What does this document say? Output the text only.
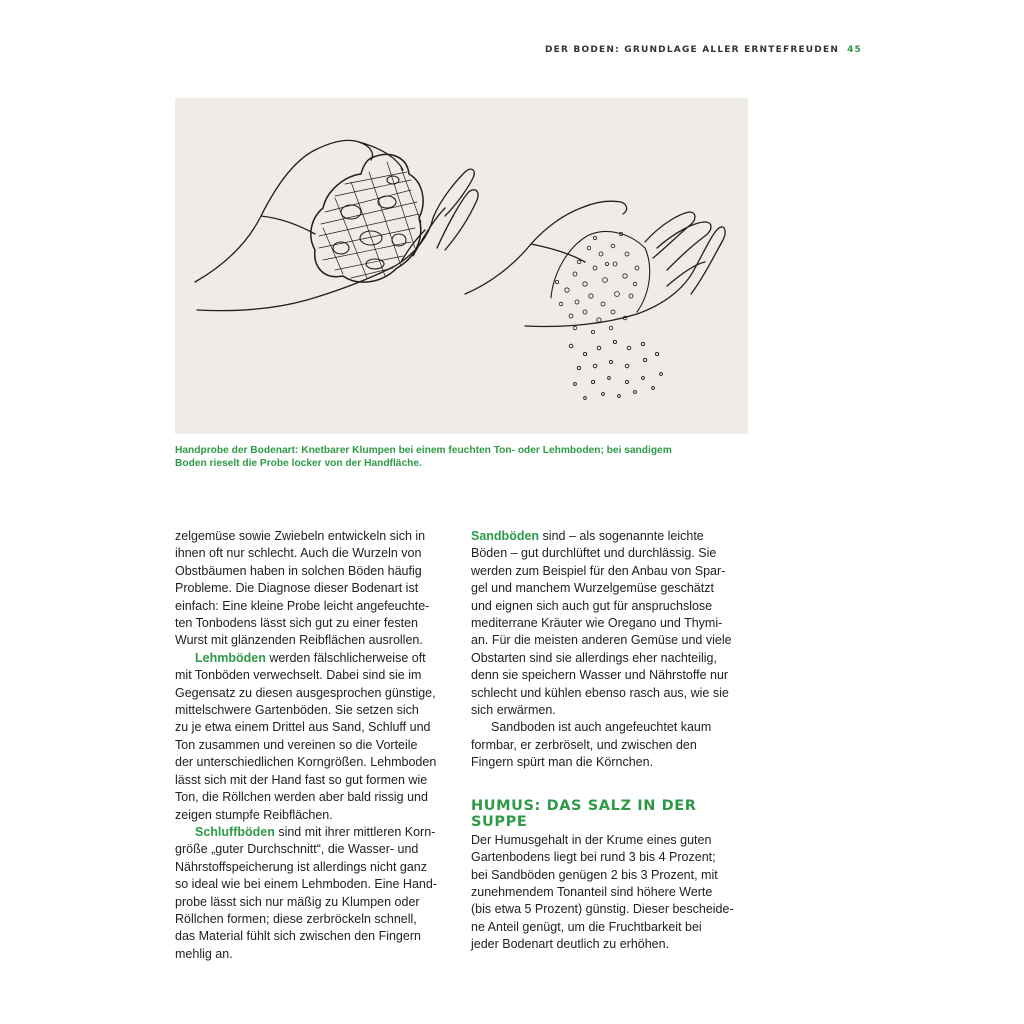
DER BODEN: GRUNDLAGE ALLER ERNTEFREUDEN 45
Handprobe der Bodenart: Knetbarer Klumpen bei einem feuchten Ton- oder Lehmboden; bei sandigem
Boden rieselt die Probe locker von der Handfläche.

zelgemüse sowie Zwiebeln entwickeln sich in
ihnen oft nur schlecht. Auch die Wurzeln von
Obstbäumen haben in solchen Böden häufig
Probleme. Die Diagnose dieser Bodenart ist
einfach: Eine kleine Probe leicht angefeuchte-
ten Tonbodens lässt sich gut zu einer festen
Wurst mit glänzenden Reibflächen ausrollen.

Lehmböden werden fälschlicherweise oft
mit Tonböden verwechselt. Dabei sind sie im
Gegensatz zu diesen ausgesprochen günstige,
mittelschwere Gartenböden. Sie setzen sich
zu je etwa einem Drittel aus Sand, Schluff und
Ton zusammen und vereinen so die Vorteile
der unterschiedlichen Korngrößen. Lehmboden
lässt sich mit der Hand fast so gut formen wie
Ton, die Röllchen werden aber bald rissig und
zeigen stumpfe Reibflächen.

Schluffböden sind mit ihrer mittleren Korn-
größe „guter Durchschnitt“, die Wasser- und
Nährstoffspeicherung ist allerdings nicht ganz
so ideal wie bei einem Lehmboden. Eine Hand-
probe lässt sich nur mäßig zu Klumpen oder
Röllchen formen; diese zerbröckeln schnell,
das Material fühlt sich zwischen den Fingern
mehlig an.

Sandböden sind – als sogenannte leichte
Böden – gut durchlüftet und durchlässig. Sie
werden zum Beispiel für den Anbau von Spar-
gel und manchem Wurzelgemüse geschätzt
und eignen sich auch gut für anspruchslose
mediterrane Kräuter wie Oregano und Thymi-
an. Für die meisten anderen Gemüse und viele
Obstarten sind sie allerdings eher nachteilig,
denn sie speichern Wasser und Nährstoffe nur
schlecht und kühlen ebenso rasch aus, wie sie
sich erwärmen.

Sandboden ist auch angefeuchtet kaum
formbar, er zerbröselt, und zwischen den
Fingern spürt man die Körnchen.

HUMUS: DAS SALZ IN DER
SUPPE

Der Humusgehalt in der Krume eines guten
Gartenbodens liegt bei rund 3 bis 4 Prozent;
bei Sandböden genügen 2 bis 3 Prozent, mit
zunehmendem Tonanteil sind höhere Werte
(bis etwa 5 Prozent) günstig. Dieser bescheide-
ne Anteil genügt, um die Fruchtbarkeit bei
jeder Bodenart deutlich zu erhöhen.
